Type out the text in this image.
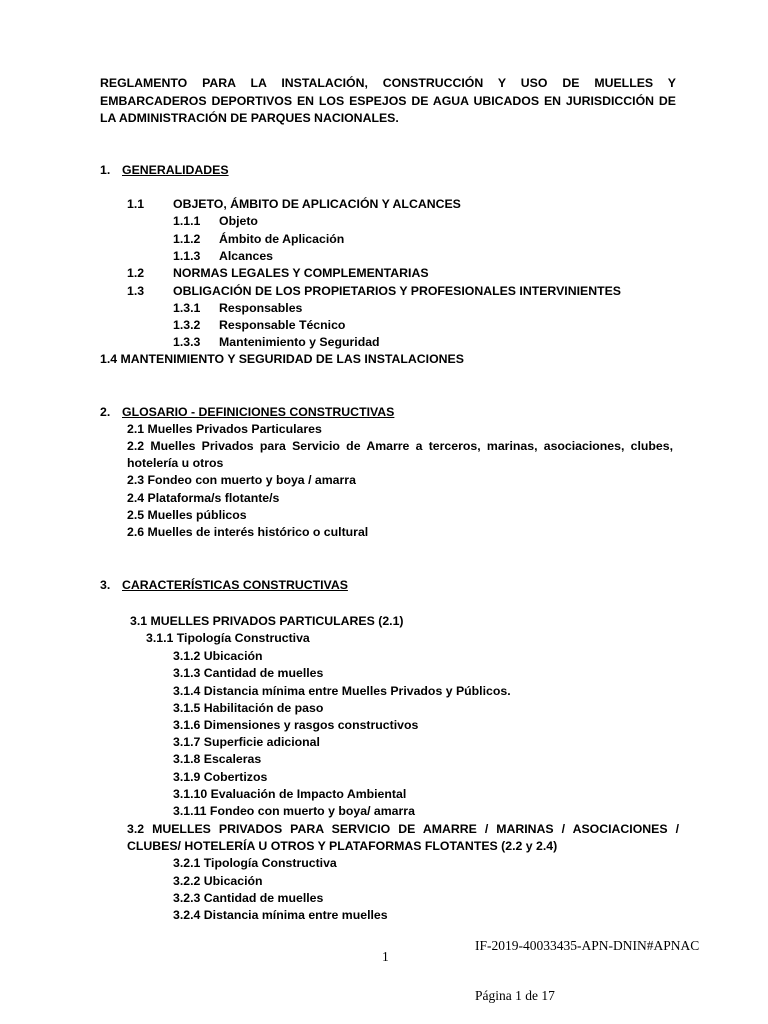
REGLAMENTO PARA LA INSTALACIÓN, CONSTRUCCIÓN Y USO DE MUELLES Y EMBARCADEROS DEPORTIVOS EN LOS ESPEJOS DE AGUA UBICADOS EN JURISDICCIÓN DE LA ADMINISTRACIÓN DE PARQUES NACIONALES.
1. GENERALIDADES
1.1 OBJETO, ÁMBITO DE APLICACIÓN Y ALCANCES
1.1.1 Objeto
1.1.2 Ámbito de Aplicación
1.1.3 Alcances
1.2 NORMAS LEGALES Y COMPLEMENTARIAS
1.3 OBLIGACIÓN DE LOS PROPIETARIOS Y PROFESIONALES INTERVINIENTES
1.3.1 Responsables
1.3.2 Responsable Técnico
1.3.3 Mantenimiento y Seguridad
1.4 MANTENIMIENTO Y SEGURIDAD DE LAS INSTALACIONES
2. GLOSARIO - DEFINICIONES CONSTRUCTIVAS
2.1 Muelles Privados Particulares
2.2 Muelles Privados para Servicio de Amarre a terceros, marinas, asociaciones, clubes, hotelería u otros
2.3 Fondeo con muerto y boya / amarra
2.4 Plataforma/s flotante/s
2.5 Muelles públicos
2.6 Muelles de interés histórico o cultural
3. CARACTERÍSTICAS CONSTRUCTIVAS
3.1 MUELLES PRIVADOS PARTICULARES (2.1)
3.1.1 Tipología Constructiva
3.1.2 Ubicación
3.1.3 Cantidad de muelles
3.1.4 Distancia mínima entre Muelles Privados y Públicos.
3.1.5 Habilitación de paso
3.1.6 Dimensiones y rasgos constructivos
3.1.7 Superficie adicional
3.1.8 Escaleras
3.1.9 Cobertizos
3.1.10 Evaluación de Impacto Ambiental
3.1.11 Fondeo con muerto y boya/ amarra
3.2 MUELLES PRIVADOS PARA SERVICIO DE AMARRE / MARINAS / ASOCIACIONES / CLUBES/ HOTELERÍA U OTROS Y PLATAFORMAS FLOTANTES (2.2 y 2.4)
3.2.1 Tipología Constructiva
3.2.2 Ubicación
3.2.3 Cantidad de muelles
3.2.4 Distancia mínima entre muelles
IF-2019-40033435-APN-DNIN#APNAC
1
Página 1 de 17
